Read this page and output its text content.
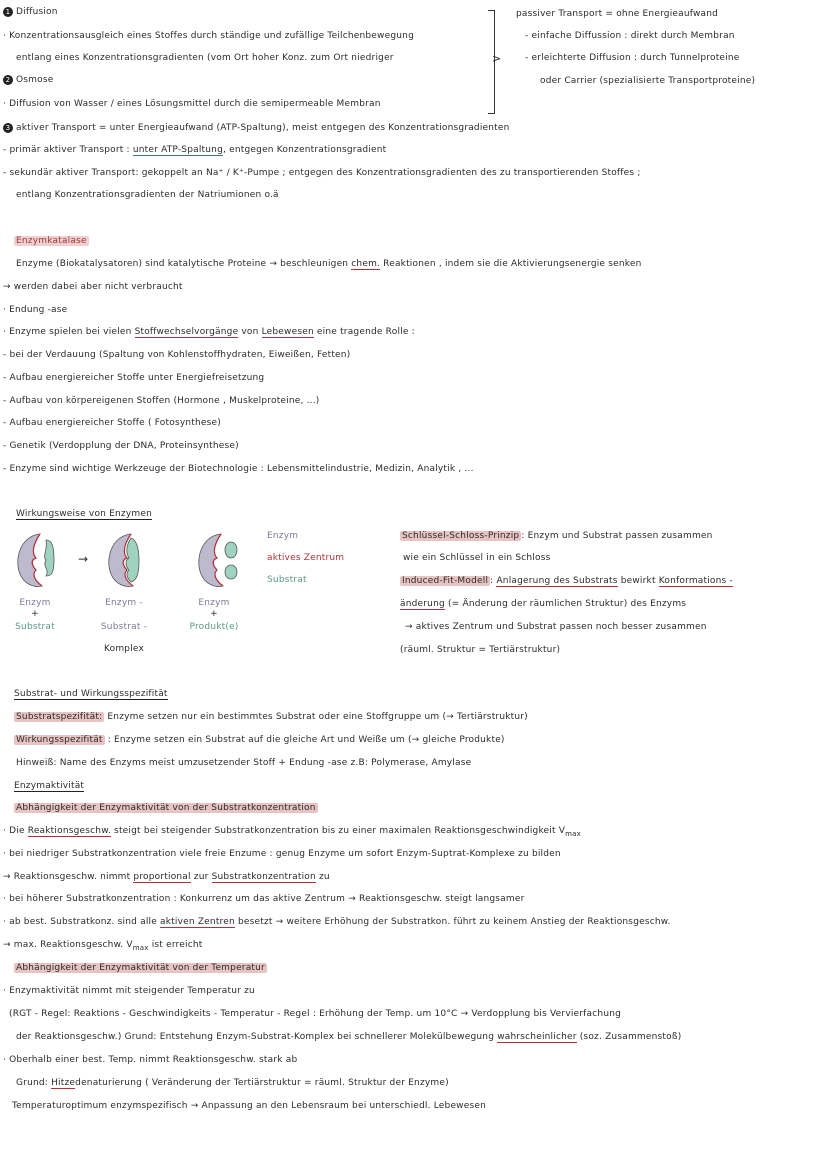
>
Wirkungsweise von Enzymen
Enzym
aktives Zentrum
Substrat
→
Enzym
+
Substrat
Enzym -
Substrat -
Komplex
Enzym
+
Produkt(e)
1 Diffusion
· Konzentrationsausgleich eines Stoffes durch ständige und zufällige Teilchenbewegung
entlang eines Konzentrationsgradienten (vom Ort hoher Konz. zum Ort niedriger
2 Osmose
· Diffusion von Wasser / eines Lösungsmittel durch die semipermeable Membran
3 aktiver Transport = unter Energieaufwand (ATP-Spaltung), meist entgegen des Konzentrationsgradienten
- primär aktiver Transport : unter ATP-Spaltung, entgegen Konzentrationsgradient
- sekundär aktiver Transport: gekoppelt an Na⁺ / K⁺-Pumpe ; entgegen des Konzentrationsgradienten des zu transportierenden Stoffes ;
entlang Konzentrationsgradienten der Natriumionen o.ä
passiver Transport = ohne Energieaufwand
- einfache Diffussion : direkt durch Membran
- erleichterte Diffusion : durch Tunnelproteine
oder Carrier (spezialisierte Transportproteine)
Enzymkatalase
Enzyme (Biokatalysatoren) sind katalytische Proteine → beschleunigen chem. Reaktionen , indem sie die Aktivierungsenergie senken
→ werden dabei aber nicht verbraucht
· Endung -ase
· Enzyme spielen bei vielen Stoffwechselvorgänge von Lebewesen eine tragende Rolle :
- bei der Verdauung (Spaltung von Kohlenstoffhydraten, Eiweißen, Fetten)
- Aufbau energiereicher Stoffe unter Energiefreisetzung
- Aufbau von körpereigenen Stoffen (Hormone , Muskelproteine, ...)
- Aufbau energiereicher Stoffe ( Fotosynthese)
- Genetik (Verdopplung der DNA, Proteinsynthese)
- Enzyme sind wichtige Werkzeuge der Biotechnologie : Lebensmittelindustrie, Medizin, Analytik , ...
Schlüssel-Schloss-Prinzip : Enzym und Substrat passen zusammen
wie ein Schlüssel in ein Schloss
Induced-Fit-Modell : Anlagerung des Substrats bewirkt Konformations -
änderung (= Änderung der räumlichen Struktur) des Enzyms
→ aktives Zentrum und Substrat passen noch besser zusammen
(räuml. Struktur = Tertiärstruktur)
Substrat- und Wirkungsspezifität
Substratspezifität: Enzyme setzen nur ein bestimmtes Substrat oder eine Stoffgruppe um (→ Tertiärstruktur)
Wirkungsspezifität : Enzyme setzen ein Substrat auf die gleiche Art und Weiße um (→ gleiche Produkte)
Hinweiß: Name des Enzyms meist umzusetzender Stoff + Endung -ase z.B: Polymerase, Amylase
Enzymaktivität
Abhängigkeit der Enzymaktivität von der Substratkonzentration
· Die Reaktionsgeschw. steigt bei steigender Substratkonzentration bis zu einer maximalen Reaktionsgeschwindigkeit $V_{max}$
· bei niedriger Substratkonzentration viele freie Enzume : genug Enzyme um sofort Enzym-Suptrat-Komplexe zu bilden
→ Reaktionsgeschw. nimmt proportional zur Substratkonzentration zu
· bei höherer Substratkonzentration : Konkurrenz um das aktive Zentrum → Reaktionsgeschw. steigt langsamer
· ab best. Substratkonz. sind alle aktiven Zentren besetzt → weitere Erhöhung der Substratkon. führt zu keinem Anstieg der Reaktionsgeschw.
→ max. Reaktionsgeschw. $V_{max}$ ist erreicht
Abhängigkeit der Enzymaktivität von der Temperatur
· Enzymaktivität nimmt mit steigender Temperatur zu
(RGT - Regel: Reaktions - Geschwindigkeits - Temperatur - Regel : Erhöhung der Temp. um 10°C → Verdopplung bis Vervierfachung
der Reaktionsgeschw.) Grund: Entstehung Enzym-Substrat-Komplex bei schnellerer Molekülbewegung wahrscheinlicher (soz. Zusammenstoß)
· Oberhalb einer best. Temp. nimmt Reaktionsgeschw. stark ab
Grund: Hitzedenaturierung ( Veränderung der Tertiärstruktur = räuml. Struktur der Enzyme)
Temperaturoptimum enzymspezifisch → Anpassung an den Lebensraum bei unterschiedl. Lebewesen
